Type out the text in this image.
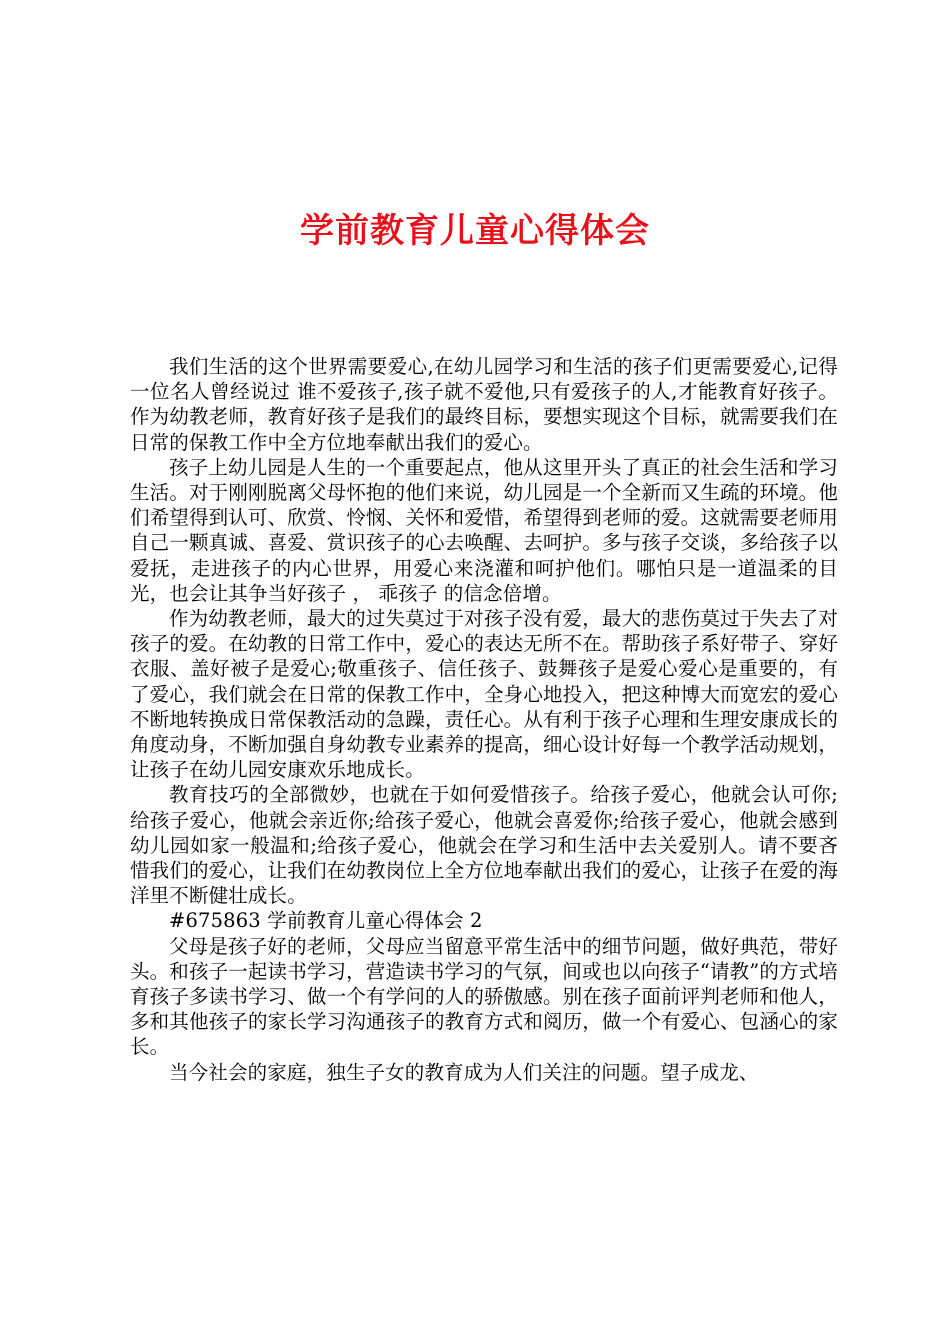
学前教育儿童心得体会

我们生活的这个世界需要爱心,在幼儿园学习和生活的孩子们更需要爱心,记得一位名人曾经说过 谁不爱孩子,孩子就不爱他,只有爱孩子的人,才能教育好孩子。作为幼教老师，教育好孩子是我们的最终目标，要想实现这个目标，就需要我们在日常的保教工作中全方位地奉献出我们的爱心。

孩子上幼儿园是人生的一个重要起点，他从这里开头了真正的社会生活和学习生活。对于刚刚脱离父母怀抱的他们来说，幼儿园是一个全新而又生疏的环境。他们希望得到认可、欣赏、怜悯、关怀和爱惜，希望得到老师的爱。这就需要老师用自己一颗真诚、喜爱、赏识孩子的心去唤醒、去呵护。多与孩子交谈，多给孩子以爱抚，走进孩子的内心世界，用爱心来浇灌和呵护他们。哪怕只是一道温柔的目光，也会让其争当好孩子 ， 乖孩子 的信念倍增。

作为幼教老师，最大的过失莫过于对孩子没有爱，最大的悲伤莫过于失去了对孩子的爱。在幼教的日常工作中，爱心的表达无所不在。帮助孩子系好带子、穿好衣服、盖好被子是爱心;敬重孩子、信任孩子、鼓舞孩子是爱心爱心是重要的，有了爱心，我们就会在日常的保教工作中，全身心地投入，把这种博大而宽宏的爱心不断地转换成日常保教活动的急躁，责任心。从有利于孩子心理和生理安康成长的角度动身，不断加强自身幼教专业素养的提高，细心设计好每一个教学活动规划，让孩子在幼儿园安康欢乐地成长。

教育技巧的全部微妙，也就在于如何爱惜孩子。给孩子爱心，他就会认可你;给孩子爱心，他就会亲近你;给孩子爱心，他就会喜爱你;给孩子爱心，他就会感到幼儿园如家一般温和;给孩子爱心，他就会在学习和生活中去关爱别人。请不要吝惜我们的爱心，让我们在幼教岗位上全方位地奉献出我们的爱心，让孩子在爱的海洋里不断健壮成长。

#675863 学前教育儿童心得体会 2

父母是孩子好的老师，父母应当留意平常生活中的细节问题，做好典范，带好头。和孩子一起读书学习，营造读书学习的气氛，间或也以向孩子“请教”的方式培育孩子多读书学习、做一个有学问的人的骄傲感。别在孩子面前评判老师和他人，多和其他孩子的家长学习沟通孩子的教育方式和阅历，做一个有爱心、包涵心的家长。

当今社会的家庭，独生子女的教育成为人们关注的问题。望子成龙、
